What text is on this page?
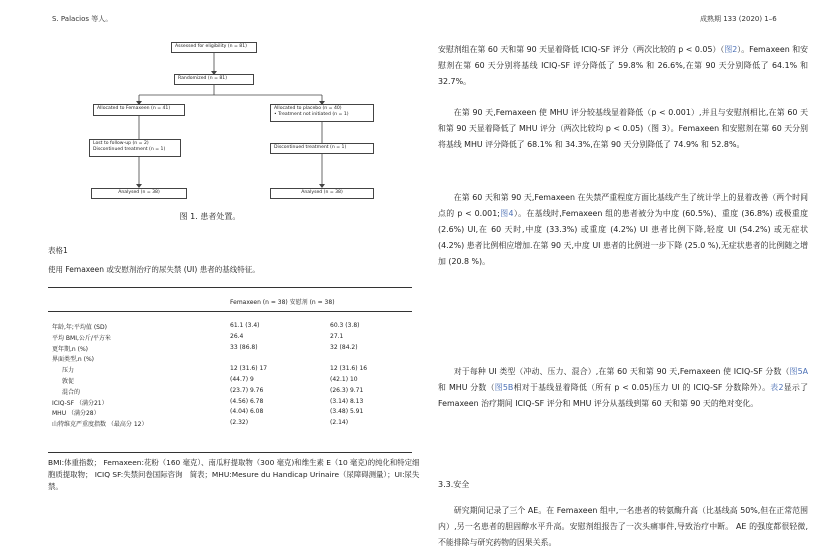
S. Palacios 等人。	成熟期 133 (2020) 1–6
Assessed for eligibility (n = 81)
Randomized (n = 81)
Allocated to Femaxeen (n = 41)	Allocated to placebo (n = 40)
• Treatment not initiated (n = 1)
Lost to follow-up (n = 2)
Discontinued treatment (n = 1)	Discontinued treatment (n = 1)
Analysed (n = 38)	Analysed (n = 38)
图 1. 患者处置。
表格1
使用 Femaxeen 或安慰剂治疗的尿失禁 (UI) 患者的基线特征。
Femaxeen (n = 38) 安慰剂 (n = 38)
年龄,年;平均值 (SD)	61.1 (3.4)	60.3 (3.8)
平均 BMI,公斤/平方米	26.4	27.1
更年期,n (%)	33 (86.8)	32 (84.2)
界面类型,n (%)
压力	12 (31.6) 17	12 (31.6) 16
敦促	(44.7) 9	(42.1) 10
混合的	(23.7) 9.76	(26.3) 9.71
ICIQ-SF （满分21）	(4.56) 6.78	(3.14) 8.13
MHU （满分28）	(4.04) 6.08	(3.48) 5.91
山特维克严重度指数 （最高分 12）	(2.32)	(2.14)
BMI:体重指数； Femaxeen:花粉（160 毫克）、南瓜籽提取物（300 毫克)和维生素 E（10 毫克)的纯化和特定细胞质提取物； ICIQ SF:失禁问卷国际咨询　简表；MHU:Mesure du Handicap Urinaire（尿障碍测量）；UI:尿失禁。
安慰剂组在第 60 天和第 90 天显着降低 ICIQ-SF 评分（两次比较的 p < 0.05）（图2）。Femaxeen 和安慰剂在第 60 天分别将基线 ICIQ-SF 评分降低了 59.8% 和 26.6%,在第 90 天分别降低了 64.1% 和 32.7%。
在第 90 天,Femaxeen 使 MHU 评分较基线显着降低（p < 0.001）,并且与安慰剂相比,在第 60 天和第 90 天显着降低了 MHU 评分（两次比较均 p < 0.05)（图 3）。Femaxeen 和安慰剂在第 60 天分别将基线 MHU 评分降低了 68.1% 和 34.3%,在第 90 天分别降低了 74.9% 和 52.8%。
在第 60 天和第 90 天,Femaxeen 在失禁严重程度方面比基线产生了统计学上的显着改善（两个时间点的 p < 0.001;图4）。在基线时,Femaxeen 组的患者被分为中度 (60.5%)、重度 (36.8%) 或极重度 (2.6%) UI,在 60 天时,中度 (33.3%) 或重度 (4.2%) UI 患者比例下降,轻度 UI (54.2%) 或无症状 (4.2%) 患者比例相应增加.在第 90 天,中度 UI 患者的比例进一步下降 (25.0 %),无症状患者的比例随之增加 (20.8 %)。
对于每种 UI 类型（冲动、压力、混合）,在第 60 天和第 90 天,Femaxeen 使 ICIQ-SF 分数（图5A和 MHU 分数（图5B相对于基线显着降低（所有 p < 0.05)压力 UI 的 ICIQ-SF 分数除外）。表2显示了 Femaxeen 治疗期间 ICIQ-SF 评分和 MHU 评分从基线到第 60 天和第 90 天的绝对变化。
3.3.安全
研究期间记录了三个 AE。在 Femaxeen 组中,一名患者的转氨酶升高（比基线高 50%,但在正常范围内）,另一名患者的胆固醇水平升高。安慰剂组报告了一次头痛事件,导致治疗中断。 AE 的强度都很轻微,不能排除与研究药物的因果关系。
